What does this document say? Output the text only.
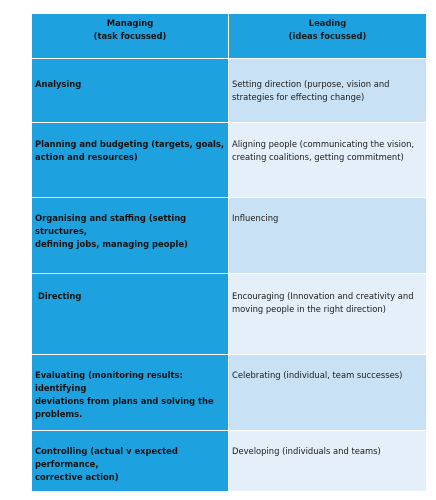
Managing
(task focussed)
Leading
(ideas focussed)
Analysing	Setting direction (purpose, vision and
strategies for effecting change)
Planning and budgeting (targets, goals,
action and resources)
Aligning people (communicating the vision,
creating coalitions, getting commitment)
Organising and staffing (setting structures,
defining jobs, managing people)
Influencing
Directing	Encouraging (Innovation and creativity and
moving people in the right direction)
Evaluating (monitoring results: identifying
deviations from plans and solving the
problems.
Celebrating (individual, team successes)
Controlling (actual v expected performance,
corrective action)
Developing (individuals and teams)
